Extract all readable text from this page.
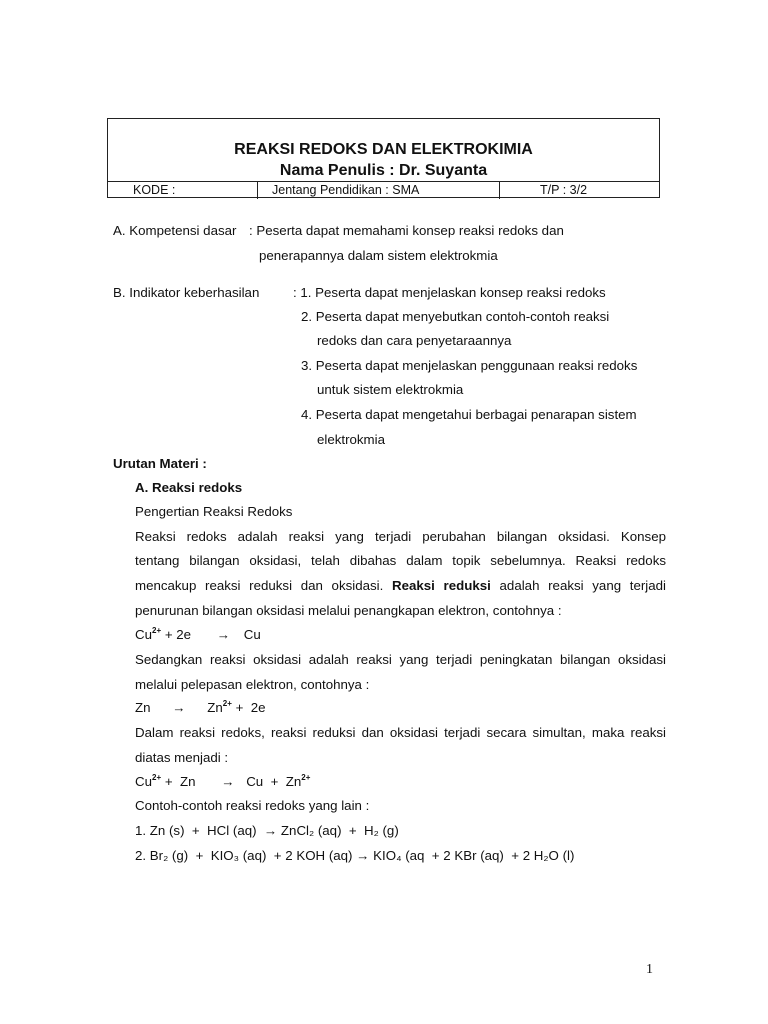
REAKSI REDOKS DAN ELEKTROKIMIA
Nama Penulis : Dr. Suyanta
KODE :	Jentang Pendidikan : SMA	T/P : 3/2
A. Kompetensi dasar : Peserta dapat memahami konsep reaksi redoks dan
penerapannya dalam sistem elektrokmia
B. Indikator keberhasilan	: 1. Peserta dapat menjelaskan konsep reaksi redoks
2. Peserta dapat menyebutkan contoh-contoh reaksi
redoks dan cara penyetaraannya
3. Peserta dapat menjelaskan penggunaan reaksi redoks
untuk sistem elektrokmia
4. Peserta dapat mengetahui berbagai penarapan sistem
elektrokmia
Urutan Materi :
A. Reaksi redoks
Pengertian Reaksi Redoks
Reaksi redoks adalah reaksi yang terjadi perubahan bilangan oksidasi. Konsep
tentang bilangan oksidasi, telah dibahas dalam topik sebelumnya. Reaksi redoks
mencakup reaksi reduksi dan oksidasi. Reaksi reduksi adalah reaksi yang terjadi
penurunan bilangan oksidasi melalui penangkapan elektron, contohnya :
$Cu^{2+} + 2e \to Cu$
Sedangkan reaksi oksidasi adalah reaksi yang terjadi peningkatan bilangan oksidasi
melalui pelepasan elektron, contohnya :
$Zn \to Zn^{2+} + 2e$
Dalam reaksi redoks, reaksi reduksi dan oksidasi terjadi secara simultan, maka reaksi
diatas menjadi :
$Cu^{2+} + Zn \to Cu + Zn^{2+}$
Contoh-contoh reaksi redoks yang lain :
1. Zn (s)  +  HCl (aq)  → ZnCl₂ (aq)  +  H₂ (g)
2. Br₂ (g)  +  KIO₃ (aq)  + 2 KOH (aq) → KIO₄ (aq  + 2 KBr (aq)  + 2 H₂O (l)
1
